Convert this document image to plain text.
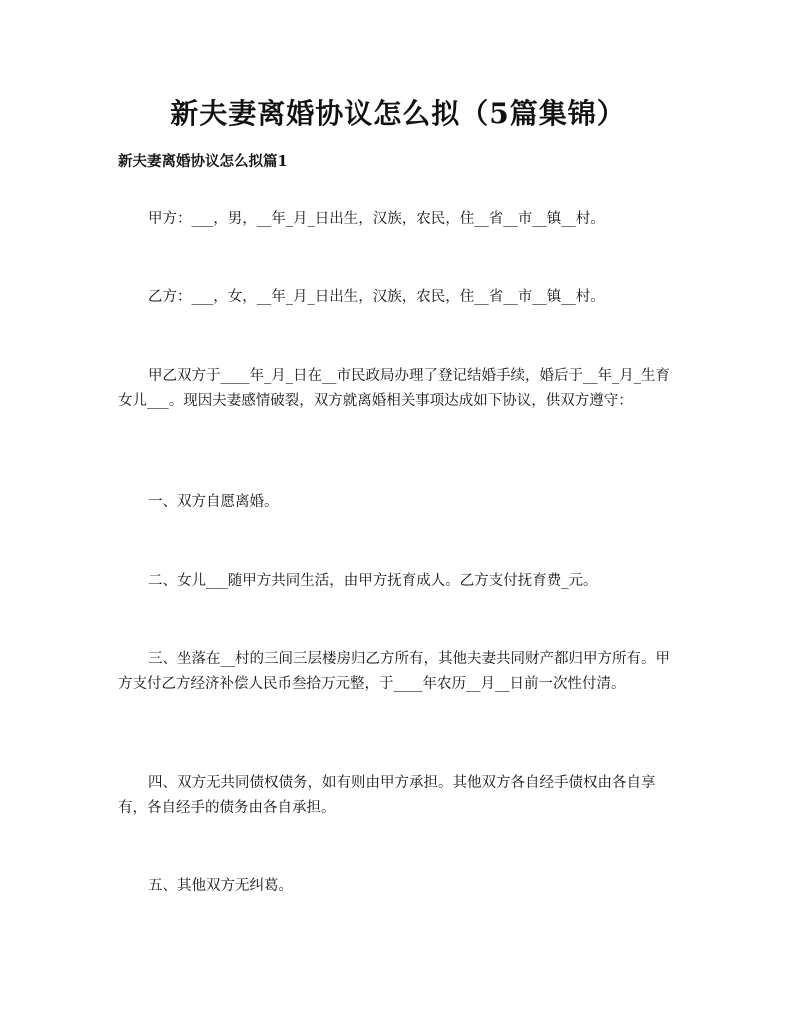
新夫妻离婚协议怎么拟（5篇集锦）
新夫妻离婚协议怎么拟篇1

甲方：___，男，__年_月_日出生，汉族，农民，住__省__市__镇__村。

乙方：___，女，__年_月_日出生，汉族，农民，住__省__市__镇__村。

甲乙双方于____年_月_日在__市民政局办理了登记结婚手续，婚后于__年_月_生育女儿___。现因夫妻感情破裂，双方就离婚相关事项达成如下协议，供双方遵守：

一、双方自愿离婚。

二、女儿___随甲方共同生活，由甲方抚育成人。乙方支付抚育费_元。

三、坐落在__村的三间三层楼房归乙方所有，其他夫妻共同财产都归甲方所有。甲方支付乙方经济补偿人民币叁拾万元整，于____年农历__月__日前一次性付清。

四、双方无共同债权债务，如有则由甲方承担。其他双方各自经手债权由各自享有，各自经手的债务由各自承担。

五、其他双方无纠葛。
